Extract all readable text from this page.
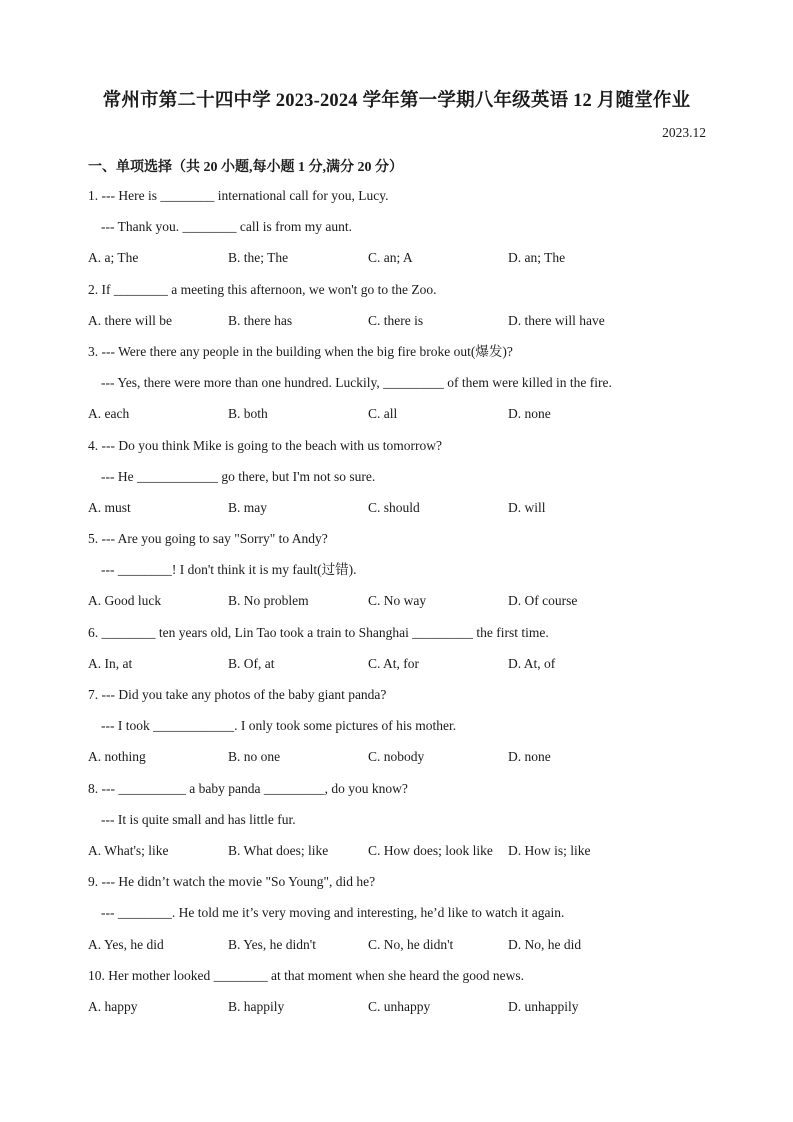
常州市第二十四中学 2023-2024 学年第一学期八年级英语 12 月随堂作业
2023.12
一、单项选择（共 20 小题,每小题 1 分,满分 20 分）
1. --- Here is ________ international call for you, Lucy.
--- Thank you. ________ call is from my aunt.
A. a; The	B. the; The	C. an; A	D. an; The
2. If ________ a meeting this afternoon, we won't go to the Zoo.
A. there will be	B. there has	C. there is	D. there will have
3. --- Were there any people in the building when the big fire broke out(爆发)?
--- Yes, there were more than one hundred. Luckily, _________ of them were killed in the fire.
A. each	B. both	C. all	D. none
4. --- Do you think Mike is going to the beach with us tomorrow?
--- He ____________ go there, but I'm not so sure.
A. must	B. may	C. should	D. will
5. --- Are you going to say "Sorry" to Andy?
--- ________! I don't think it is my fault(过错).
A. Good luck	B. No problem	C. No way	D. Of course
6. ________ ten years old, Lin Tao took a train to Shanghai _________ the first time.
A. In, at	B. Of, at	C. At, for	D. At, of
7. --- Did you take any photos of the baby giant panda?
--- I took ____________. I only took some pictures of his mother.
A. nothing	B. no one	C. nobody	D. none
8. --- __________ a baby panda _________, do you know?
--- It is quite small and has little fur.
A. What's; like	B. What does; like	C. How does; look like	D. How is; like
9. --- He didn’t watch the movie "So Young", did he?
--- ________. He told me it’s very moving and interesting, he’d like to watch it again.
A. Yes, he did	B. Yes, he didn't	C. No, he didn't	D. No, he did
10. Her mother looked ________ at that moment when she heard the good news.
A. happy	B. happily	C. unhappy	D. unhappily
